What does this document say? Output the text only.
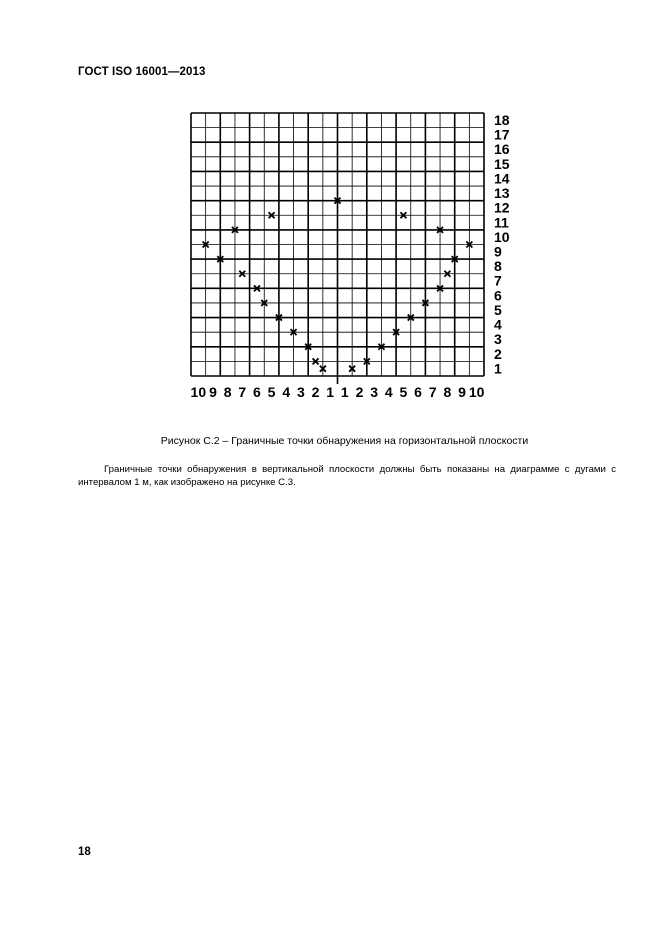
ГОСТ ISO 16001—2013
18
17
16
15
14
13
12
11
10
9
8
7
6
5
4
3
2
1
10 9 8 7 6 5 4 3 2 1 1 2 3 4 5 6 7 8 9 10
Рисунок С.2 – Граничные точки обнаружения на горизонтальной плоскости
Граничные точки обнаружения в вертикальной плоскости должны быть показаны на диаграмме с дугами с интервалом 1 м, как изображено на рисунке С.3.
18
